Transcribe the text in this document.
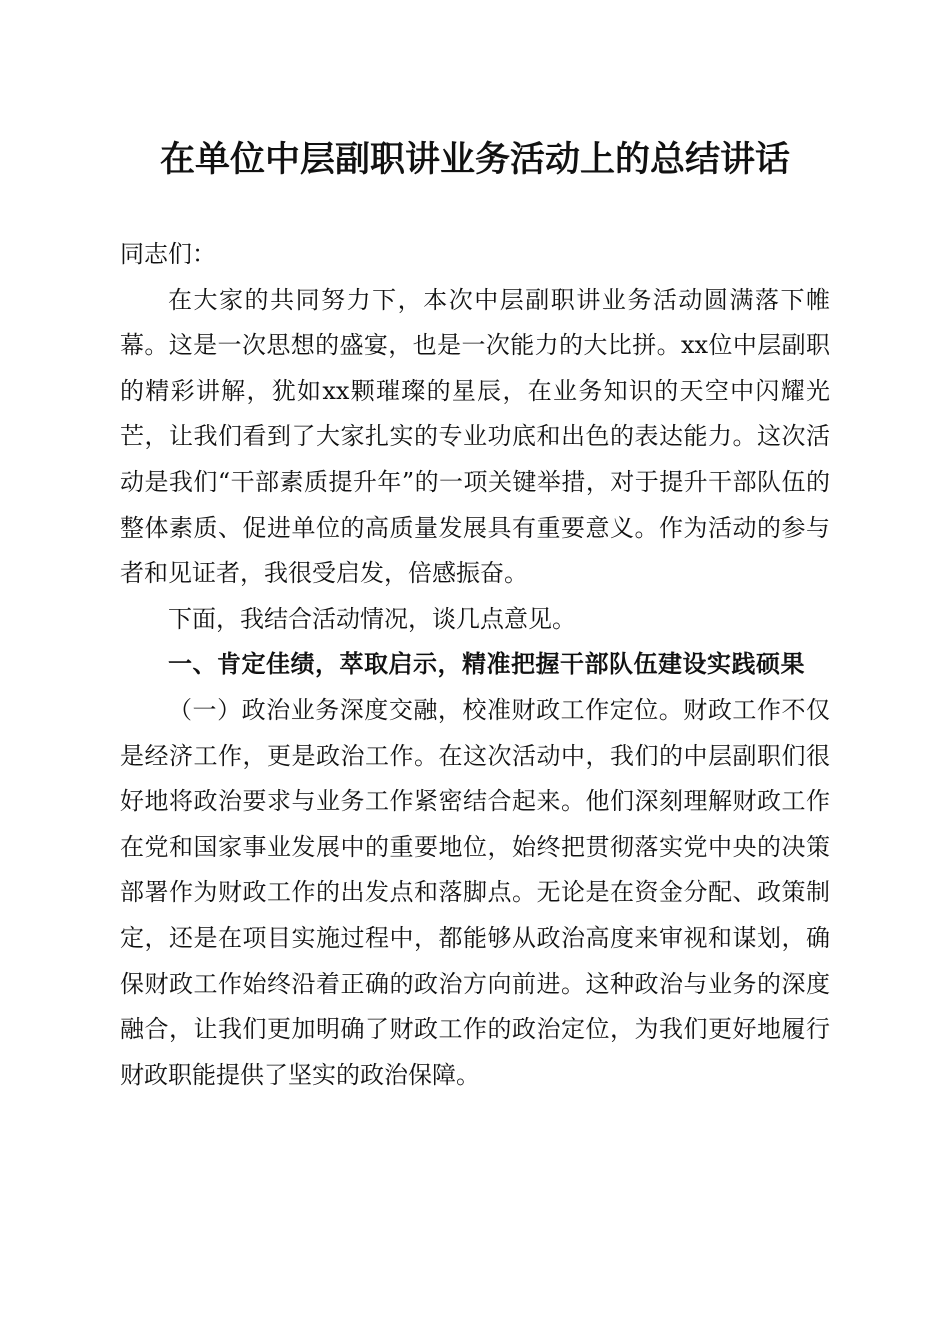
在单位中层副职讲业务活动上的总结讲话

同志们：

在大家的共同努力下，本次中层副职讲业务活动圆满落下帷幕。这是一次思想的盛宴，也是一次能力的大比拼。xx位中层副职的精彩讲解，犹如xx颗璀璨的星辰，在业务知识的天空中闪耀光芒，让我们看到了大家扎实的专业功底和出色的表达能力。这次活动是我们“干部素质提升年”的一项关键举措，对于提升干部队伍的整体素质、促进单位的高质量发展具有重要意义。作为活动的参与者和见证者，我很受启发，倍感振奋。

下面，我结合活动情况，谈几点意见。

一、肯定佳绩，萃取启示，精准把握干部队伍建设实践硕果

（一）政治业务深度交融，校准财政工作定位。财政工作不仅是经济工作，更是政治工作。在这次活动中，我们的中层副职们很好地将政治要求与业务工作紧密结合起来。他们深刻理解财政工作在党和国家事业发展中的重要地位，始终把贯彻落实党中央的决策部署作为财政工作的出发点和落脚点。无论是在资金分配、政策制定，还是在项目实施过程中，都能够从政治高度来审视和谋划，确保财政工作始终沿着正确的政治方向前进。这种政治与业务的深度融合，让我们更加明确了财政工作的政治定位，为我们更好地履行财政职能提供了坚实的政治保障。
